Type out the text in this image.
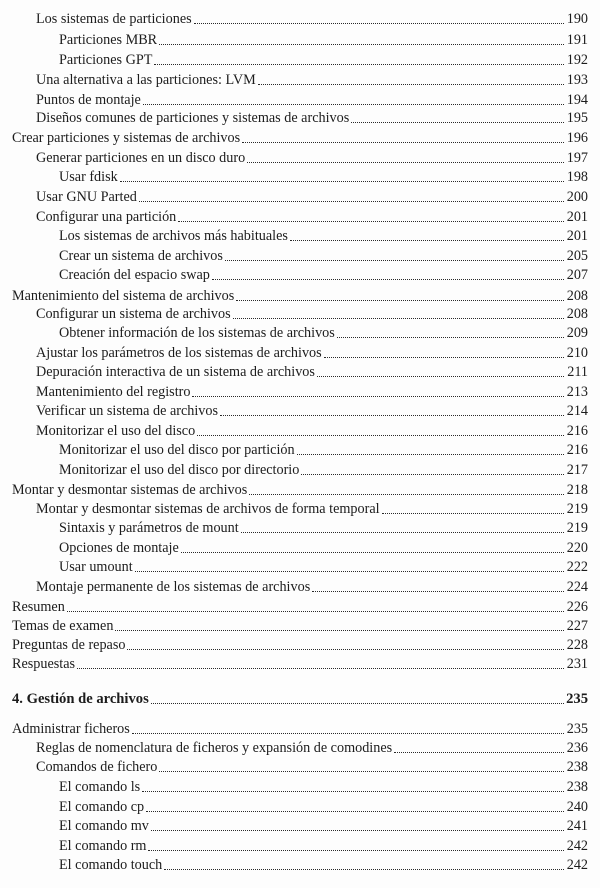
Los sistemas de particiones	190
Particiones MBR	191
Particiones GPT	192
Una alternativa a las particiones: LVM	193
Puntos de montaje	194
Diseños comunes de particiones y sistemas de archivos	195
Crear particiones y sistemas de archivos	196
Generar particiones en un disco duro	197
Usar fdisk	198
Usar GNU Parted	200
Configurar una partición	201
Los sistemas de archivos más habituales	201
Crear un sistema de archivos	205
Creación del espacio swap	207
Mantenimiento del sistema de archivos	208
Configurar un sistema de archivos	208
Obtener información de los sistemas de archivos	209
Ajustar los parámetros de los sistemas de archivos	210
Depuración interactiva de un sistema de archivos	211
Mantenimiento del registro	213
Verificar un sistema de archivos	214
Monitorizar el uso del disco	216
Monitorizar el uso del disco por partición	216
Monitorizar el uso del disco por directorio	217
Montar y desmontar sistemas de archivos	218
Montar y desmontar sistemas de archivos de forma temporal	219
Sintaxis y parámetros de mount	219
Opciones de montaje	220
Usar umount	222
Montaje permanente de los sistemas de archivos	224
Resumen	226
Temas de examen	227
Preguntas de repaso	228
Respuestas	231
4. Gestión de archivos	235
Administrar ficheros	235
Reglas de nomenclatura de ficheros y expansión de comodines	236
Comandos de fichero	238
El comando ls	238
El comando cp	240
El comando mv	241
El comando rm	242
El comando touch	242
